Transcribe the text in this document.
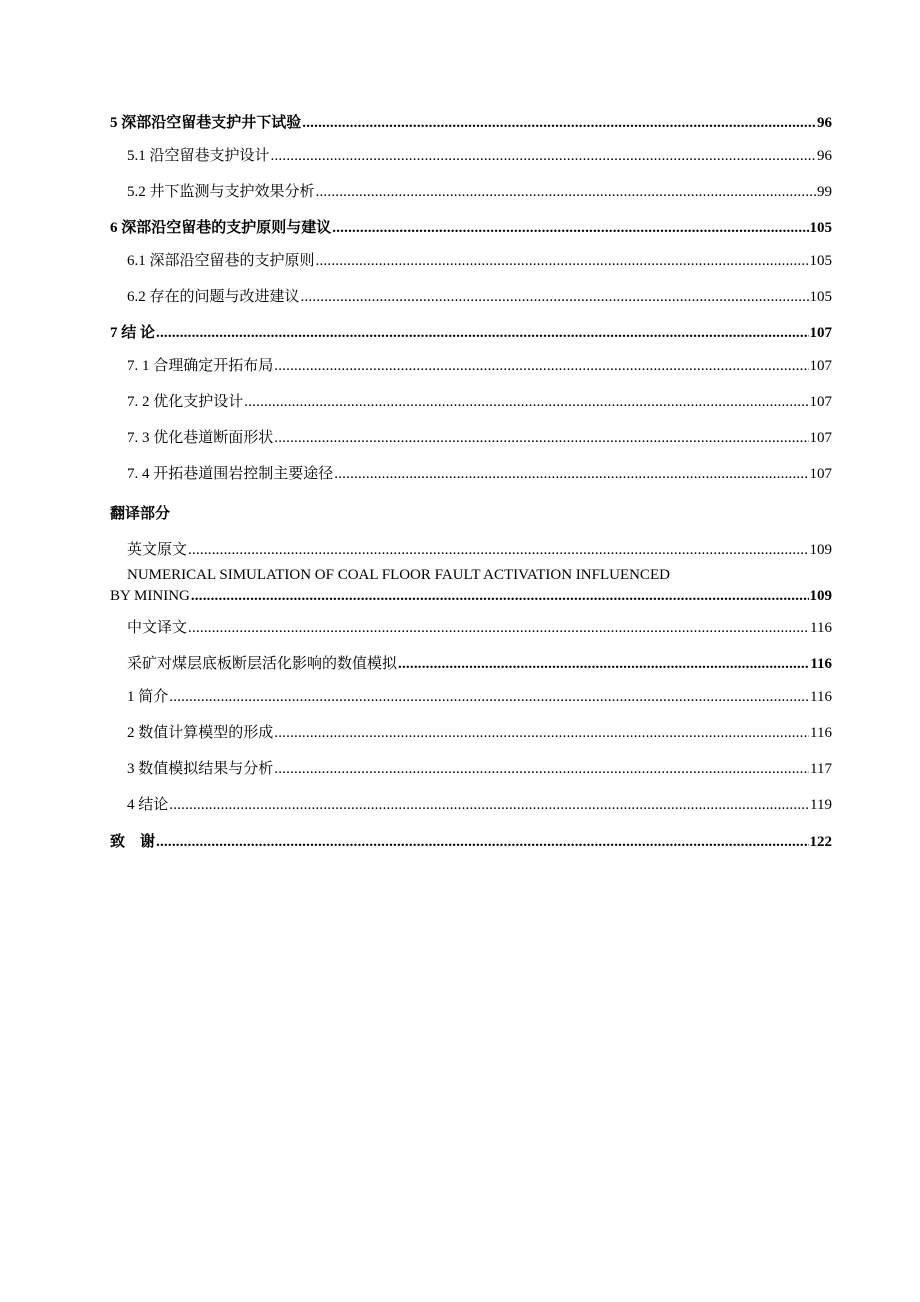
5 深部沿空留巷支护井下试验 .....	96
5.1 沿空留巷支护设计 .....	96
5.2 井下监测与支护效果分析 .....	99
6 深部沿空留巷的支护原则与建议 .....	105
6.1 深部沿空留巷的支护原则 .....	105
6.2 存在的问题与改进建议 .....	105
7 结 论 .....	107
7. 1 合理确定开拓布局 .....	107
7. 2 优化支护设计 .....	107
7. 3 优化巷道断面形状 .....	107
7. 4 开拓巷道围岩控制主要途径 .....	107
翻译部分
英文原文 .....	109
NUMERICAL SIMULATION OF COAL FLOOR FAULT ACTIVATION INFLUENCED
BY MINING .....	109
中文译文 .....	116
采矿对煤层底板断层活化影响的数值模拟 .....	116
1 简介 .....	116
2 数值计算模型的形成 .....	116
3 数值模拟结果与分析 .....	117
4 结论 .....	119
致    谢 .....	122
